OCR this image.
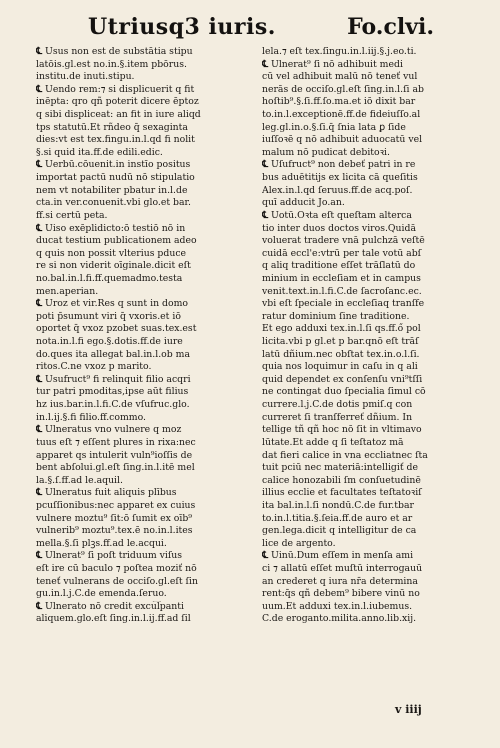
Utriusq3 iuris.	Fo.clvi.
℄ Usus non est de substātia stipu
latōis.gl.est no.in.§.item pbōrus.
institu.de inuti.stipu.
℄ Uendo rem:⁊ si displicuerit q fit
inēpta: qro qñ poterit dicere ēptoz
q sibi displiceat: an fit in iure aliqd
tps statutū.Et rñdeo q̄ sexaginta
dies:vt est tex.fingu.in.l.qd fi nolit
§.si quid ita.ff.de edili.edic.
℄ Uerbū.cōuenit.in instīo positus
importat pactū nudū nō stipulatio
nem vt notabiliter pbatur in.l.de
cta.in ver.conuenit.vbi glo.et bar.
ff.si certū peta.
℄ Uiso exēplidicto:ō testiō nō in
ducat testium publicationem adeo
q quis non possit vlterius pduce
re si non viderit oīginale.dicit eſt
no.bal.in.l.fi.ff.quemadmo.testa
men.aperian.
℄ Uroz et vir.Res q sunt in domo
poti p̄sumunt viri q̄ vxoris.et iō
oportet q̄ vxoz pzobet suas.tex.est
nota.in.l.fi ego.§.dotis.ff.de iure
do.ques ita allegat bal.in.l.ob ma
ritos.C.ne vxoz p marito.
℄ Usufruct⁹ fi relinquit filio acqri
tur patri pmoditas,ipse aūt filius
hz ius.bar.in.l.fi.C.de vſufruc.glo.
in.l.ij.§.fi filio.ff.commo.
℄ Ulneratus vno vulnere q moz
tuus eſt ⁊ eſſent plures in rixa:nec
apparet qs intulerit vuln⁹ioſſis de
bent abſolui.gl.eſt ſing.in.l.itē mel
la.§.ſ.ff.ad le.aquil.
℄ Ulneratus fuit aliquis plībus
pcuſſionibus:nec apparet ex cuius
vulnere moztu⁹ ſit:ō ſumit ex oīb⁹
vulnerib⁹ moztu⁹.tex.ē no.in.l.ites
mella.§.ſi plꝫs.ff.ad le.acqui.
℄ Ulnerat⁹ ſi poſt triduum viſus
eſt ire cū baculo ⁊ poſtea moziť nō
teneť vulnerans de occiſo.gl.eſt ſin
gu.in.l.j.C.de emenda.ſeruo.
℄ Ulnerato nō credit excu͡lpanti
aliquem.glo.eſt ſing.in.l.ij.ff.ad ſil
lela.⁊ eſt tex.ſingu.in.l.iij.§.j.eo.ti.
℄ Ulnerat⁹ ſi nō adhibuit medi
cū vel adhibuit malū nō teneť vul
nerās de occiſo.gl.eſt ſing.in.l.ſi ab
hoſtib⁹.§.ſi.ff.ſo.ma.et iō dixit bar
to.in.l.exceptionē.ff.de fideiuſſo.al
leg.gl.in.o.§.ſi.q̄ ſnia lata ꝑ ſide
iuſſoꝛē q nō adhibuit aduocatū vel
malum nō pudicat debitoꝛi.
℄ Uſufruct⁹ non debeť patri in re
bus aduētitijs ex licita cā queſitis
Alex.in.l.qd ſeruus.ff.de acq.poſ.
quī adducit Jo.an.
℄ Uotū.Oꝛta eſt queſtam alterca
tio inter duos doctos viros.Quidā
voluerat tradere vnā pulchzā veſtē
cuidā eccl'e:vtrū per tale votū abſ
q aliq traditione eſſet trāſlatū do
minium in eccleſiam et in campus
venit.text.in.l.fi.C.de ſacroſanc.ec.
vbi eſt ſpeciale in eccleſiaq tranſfe
ratur dominium ſine traditione.
Et ego adduxi tex.in.l.ſi qs.ff.ő pol
licita.vbi p gl.et p bar.qnō eſt trāſ
latū dñium.nec obſtat tex.in.o.l.ſi.
quia nos loquimur in caſu in q ali
quid dependet ex conſenſu vni⁹tſſi
ne contingat duo ſpecialia ſimul cō
currere.l.j.C.de dotis pmiſ.q con
curreret ſi tranſferreť dñium. In
tellige tñ qñ hoc nō ſit in vltimavo
lūtate.Et adde q ſi teſtatoz mā
dat fieri calice in vna eccliatnec ſta
tuit pciū nec materiā:intelligiť de
calice honozabili ſm conſuetudinē
illius ecclie et facultates teſtatoꝛiſ
ita bal.in.l.ſi nondū.C.de fur.tbar
to.in.l.titia.§.ſeia.ff.de auro et ar
gen.lega.dicit q intelligitur de ca
lice de argento.
℄ Uinū.Dum eſſem in menſa ami
ci ⁊ allatū eſſet muſtū interrogauū
an crederet q iura nr̄a determina
rent:q̄s qñ debem⁹ bibere vinū no
uum.Et adduxi tex.in.l.iubemus.
C.de eroganto.milita.anno.lib.xij.
v iiij
